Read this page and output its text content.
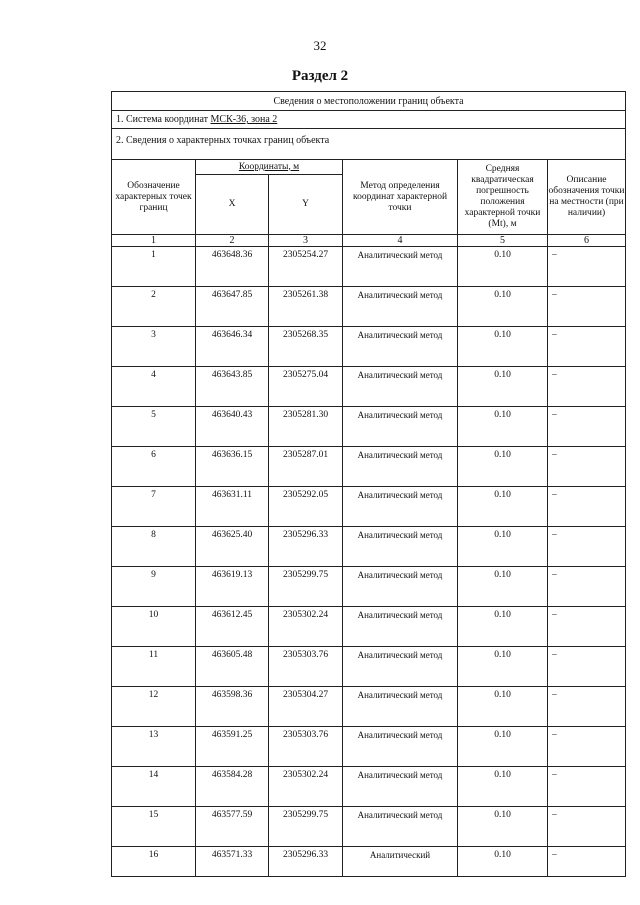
32
Раздел 2
Сведения о местоположении границ объекта					
1. Система координат МСК-36, зона 2					
2. Сведения о характерных точках границ объекта					

Обозначение характерных точек границ	Координаты, м		Метод определения координат характерной точки	Средняя квадратическая погрешность положения характерной точки (Mt), м	Описание обозначения точки на местности (при наличии)
	X	Y			
1	2	3	4	5	6
1	463648.36	2305254.27	Аналитический метод	0.10	–
2	463647.85	2305261.38	Аналитический метод	0.10	–
3	463646.34	2305268.35	Аналитический метод	0.10	–
4	463643.85	2305275.04	Аналитический метод	0.10	–
5	463640.43	2305281.30	Аналитический метод	0.10	–
6	463636.15	2305287.01	Аналитический метод	0.10	–
7	463631.11	2305292.05	Аналитический метод	0.10	–
8	463625.40	2305296.33	Аналитический метод	0.10	–
9	463619.13	2305299.75	Аналитический метод	0.10	–
10	463612.45	2305302.24	Аналитический метод	0.10	–
11	463605.48	2305303.76	Аналитический метод	0.10	–
12	463598.36	2305304.27	Аналитический метод	0.10	–
13	463591.25	2305303.76	Аналитический метод	0.10	–
14	463584.28	2305302.24	Аналитический метод	0.10	–
15	463577.59	2305299.75	Аналитический метод	0.10	–
16	463571.33	2305296.33	Аналитический	0.10	–
